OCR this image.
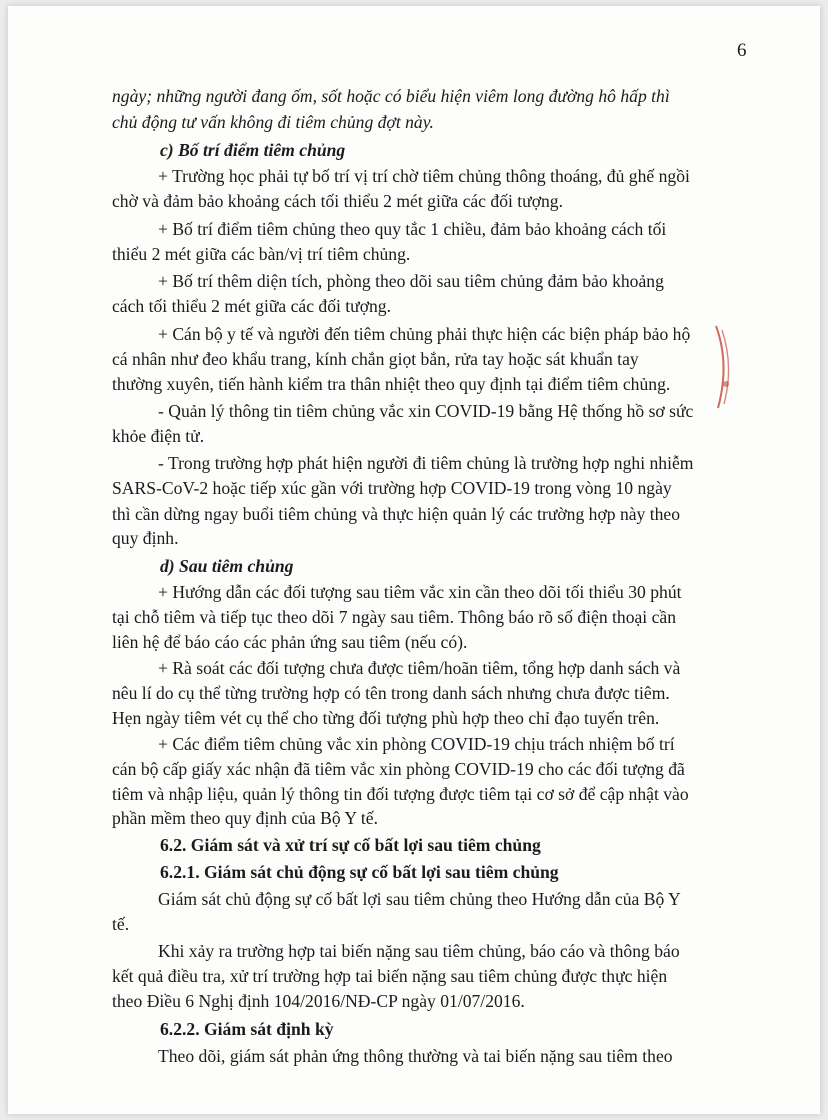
6
ngày; những người đang ốm, sốt hoặc có biểu hiện viêm long đường hô hấp thì
chủ động tư vấn không đi tiêm chủng đợt này.
c) Bố trí điểm tiêm chủng
+ Trường học phải tự bố trí vị trí chờ tiêm chủng thông thoáng, đủ ghế ngồi
chờ và đảm bảo khoảng cách tối thiểu 2 mét giữa các đối tượng.
+ Bố trí điểm tiêm chủng theo quy tắc 1 chiều, đảm bảo khoảng cách tối
thiểu 2 mét giữa các bàn/vị trí tiêm chủng.
+ Bố trí thêm diện tích, phòng theo dõi sau tiêm chủng đảm bảo khoảng
cách tối thiểu 2 mét giữa các đối tượng.
+ Cán bộ y tế và người đến tiêm chủng phải thực hiện các biện pháp bảo hộ
cá nhân như đeo khẩu trang, kính chắn giọt bắn, rửa tay hoặc sát khuẩn tay
thường xuyên, tiến hành kiểm tra thân nhiệt theo quy định tại điểm tiêm chủng.
- Quản lý thông tin tiêm chủng vắc xin COVID-19 bằng Hệ thống hồ sơ sức
khỏe điện tử.
- Trong trường hợp phát hiện người đi tiêm chủng là trường hợp nghi nhiễm
SARS-CoV-2 hoặc tiếp xúc gần với trường hợp COVID-19 trong vòng 10 ngày
thì cần dừng ngay buổi tiêm chủng và thực hiện quản lý các trường hợp này theo
quy định.
d) Sau tiêm chủng
+ Hướng dẫn các đối tượng sau tiêm vắc xin cần theo dõi tối thiểu 30 phút
tại chỗ tiêm và tiếp tục theo dõi 7 ngày sau tiêm. Thông báo rõ số điện thoại cần
liên hệ để báo cáo các phản ứng sau tiêm (nếu có).
+ Rà soát các đối tượng chưa được tiêm/hoãn tiêm, tổng hợp danh sách và
nêu lí do cụ thể từng trường hợp có tên trong danh sách nhưng chưa được tiêm.
Hẹn ngày tiêm vét cụ thể cho từng đối tượng phù hợp theo chỉ đạo tuyến trên.
+ Các điểm tiêm chủng vắc xin phòng COVID-19 chịu trách nhiệm bố trí
cán bộ cấp giấy xác nhận đã tiêm vắc xin phòng COVID-19 cho các đối tượng đã
tiêm và nhập liệu, quản lý thông tin đối tượng được tiêm tại cơ sở để cập nhật vào
phần mềm theo quy định của Bộ Y tế.
6.2. Giám sát và xử trí sự cố bất lợi sau tiêm chủng
6.2.1. Giám sát chủ động sự cố bất lợi sau tiêm chủng
Giám sát chủ động sự cố bất lợi sau tiêm chủng theo Hướng dẫn của Bộ Y
tế.
Khi xảy ra trường hợp tai biến nặng sau tiêm chủng, báo cáo và thông báo
kết quả điều tra, xử trí trường hợp tai biến nặng sau tiêm chủng được thực hiện
theo Điều 6 Nghị định 104/2016/NĐ-CP ngày 01/07/2016.
6.2.2. Giám sát định kỳ
Theo dõi, giám sát phản ứng thông thường và tai biến nặng sau tiêm theo
